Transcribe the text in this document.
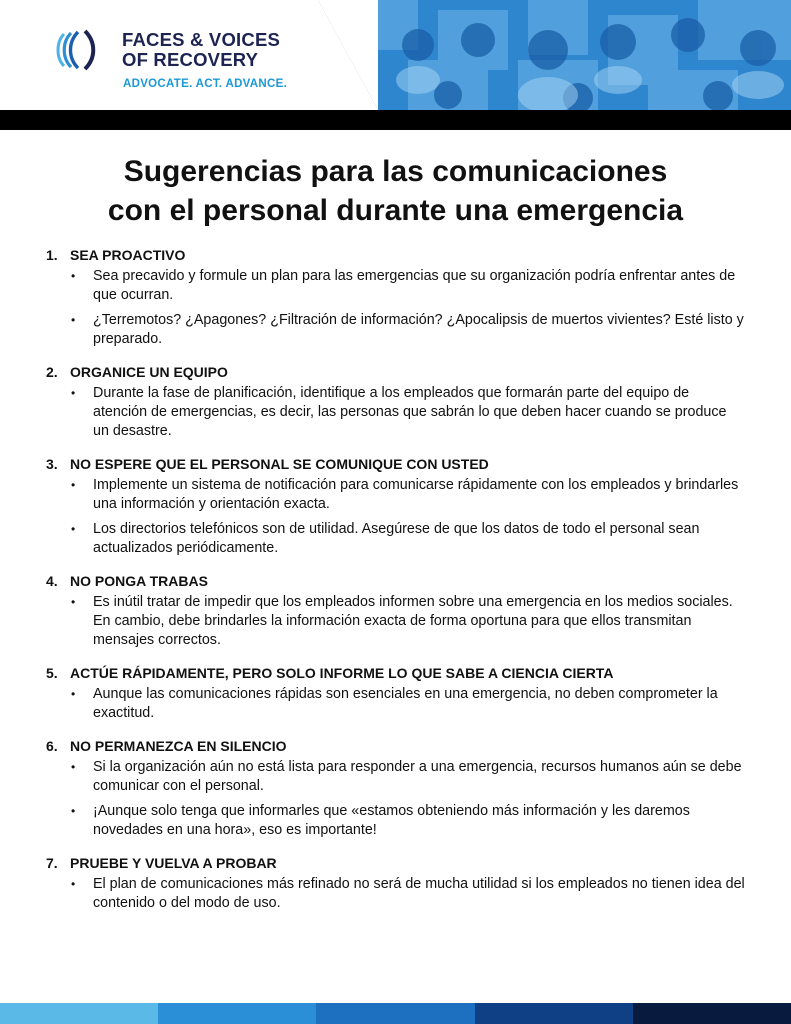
FACES & VOICES
OF RECOVERY
ADVOCATE. ACT. ADVANCE.
Sugerencias para las comunicaciones
con el personal durante una emergencia
1. SEA PROACTIVO
• Sea precavido y formule un plan para las emergencias que su organización podría enfrentar antes de que ocurran.
• ¿Terremotos? ¿Apagones? ¿Filtración de información? ¿Apocalipsis de muertos vivientes? Esté listo y preparado.
2. ORGANICE UN EQUIPO
• Durante la fase de planificación, identifique a los empleados que formarán parte del equipo de atención de emergencias, es decir, las personas que sabrán lo que deben hacer cuando se produce un desastre.
3. NO ESPERE QUE EL PERSONAL SE COMUNIQUE CON USTED
• Implemente un sistema de notificación para comunicarse rápidamente con los empleados y brindarles una información y orientación exacta.
• Los directorios telefónicos son de utilidad. Asegúrese de que los datos de todo el personal sean actualizados periódicamente.
4. NO PONGA TRABAS
• Es inútil tratar de impedir que los empleados informen sobre una emergencia en los medios sociales. En cambio, debe brindarles la información exacta de forma oportuna para que ellos transmitan mensajes correctos.
5. ACTÚE RÁPIDAMENTE, PERO SOLO INFORME LO QUE SABE A CIENCIA CIERTA
• Aunque las comunicaciones rápidas son esenciales en una emergencia, no deben comprometer la exactitud.
6. NO PERMANEZCA EN SILENCIO
• Si la organización aún no está lista para responder a una emergencia, recursos humanos aún se debe comunicar con el personal.
• ¡Aunque solo tenga que informarles que «estamos obteniendo más información y les daremos novedades en una hora», eso es importante!
7. PRUEBE Y VUELVA A PROBAR
• El plan de comunicaciones más refinado no será de mucha utilidad si los empleados no tienen idea del contenido o del modo de uso.
